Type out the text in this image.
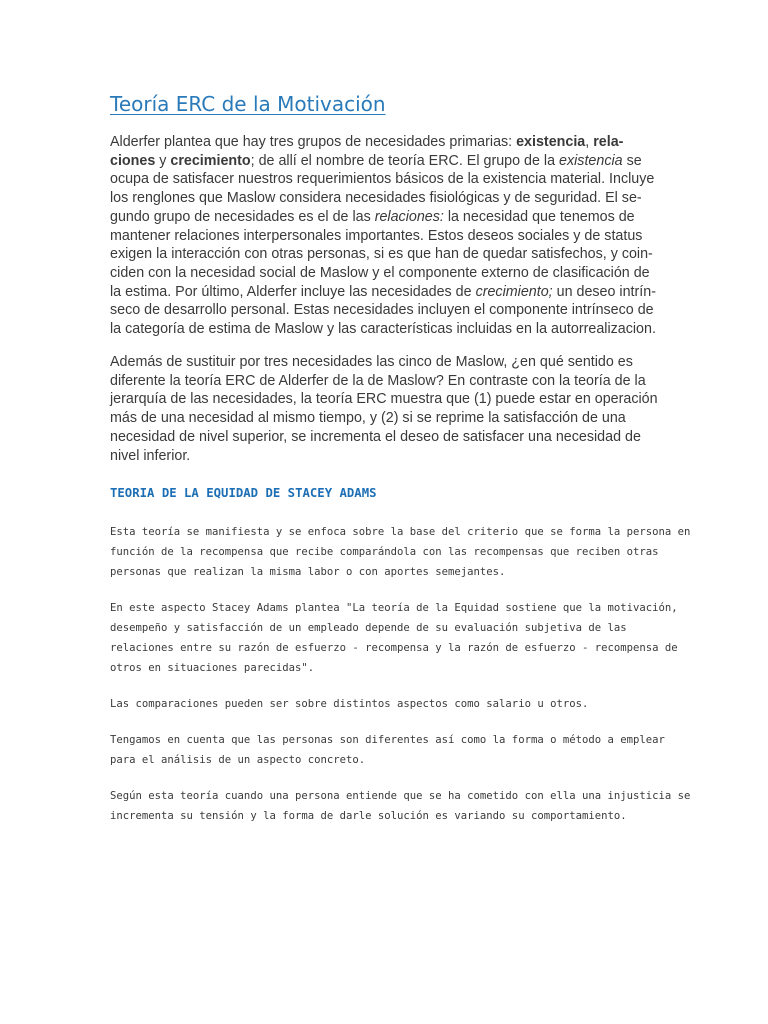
Teoría ERC de la Motivación

Alderfer plantea que hay tres grupos de necesidades primarias: existencia, rela-
ciones y crecimiento; de allí el nombre de teoría ERC. El grupo de la existencia se
ocupa de satisfacer nuestros requerimientos básicos de la existencia material. Incluye
los renglones que Maslow considera necesidades fisiológicas y de seguridad. El se-
gundo grupo de necesidades es el de las relaciones: la necesidad que tenemos de
mantener relaciones interpersonales importantes. Estos deseos sociales y de status
exigen la interacción con otras personas, si es que han de quedar satisfechos, y coin-
ciden con la necesidad social de Maslow y el componente externo de clasificación de
la estima. Por último, Alderfer incluye las necesidades de crecimiento; un deseo intrín-
seco de desarrollo personal. Estas necesidades incluyen el componente intrínseco de
la categoría de estima de Maslow y las características incluidas en la autorrealizacion.

Además de sustituir por tres necesidades las cinco de Maslow, ¿en qué sentido es
diferente la teoría ERC de Alderfer de la de Maslow? En contraste con la teoría de la
jerarquía de las necesidades, la teoría ERC muestra que (1) puede estar en operación
más de una necesidad al mismo tiempo, y (2) si se reprime la satisfacción de una
necesidad de nivel superior, se incrementa el deseo de satisfacer una necesidad de
nivel inferior.

TEORIA DE LA EQUIDAD DE STACEY ADAMS

Esta teoría se manifiesta y se enfoca sobre la base del criterio que se forma la persona en
función de la recompensa que recibe comparándola con las recompensas que reciben otras
personas que realizan la misma labor o con aportes semejantes.

En este aspecto Stacey Adams plantea "La teoría de la Equidad sostiene que la motivación,
desempeño y satisfacción de un empleado depende de su evaluación subjetiva de las
relaciones entre su razón de esfuerzo - recompensa y la razón de esfuerzo - recompensa de
otros en situaciones parecidas".

Las comparaciones pueden ser sobre distintos aspectos como salario u otros.

Tengamos en cuenta que las personas son diferentes así como la forma o método a emplear
para el análisis de un aspecto concreto.

Según esta teoría cuando una persona entiende que se ha cometido con ella una injusticia se
incrementa su tensión y la forma de darle solución es variando su comportamiento.
